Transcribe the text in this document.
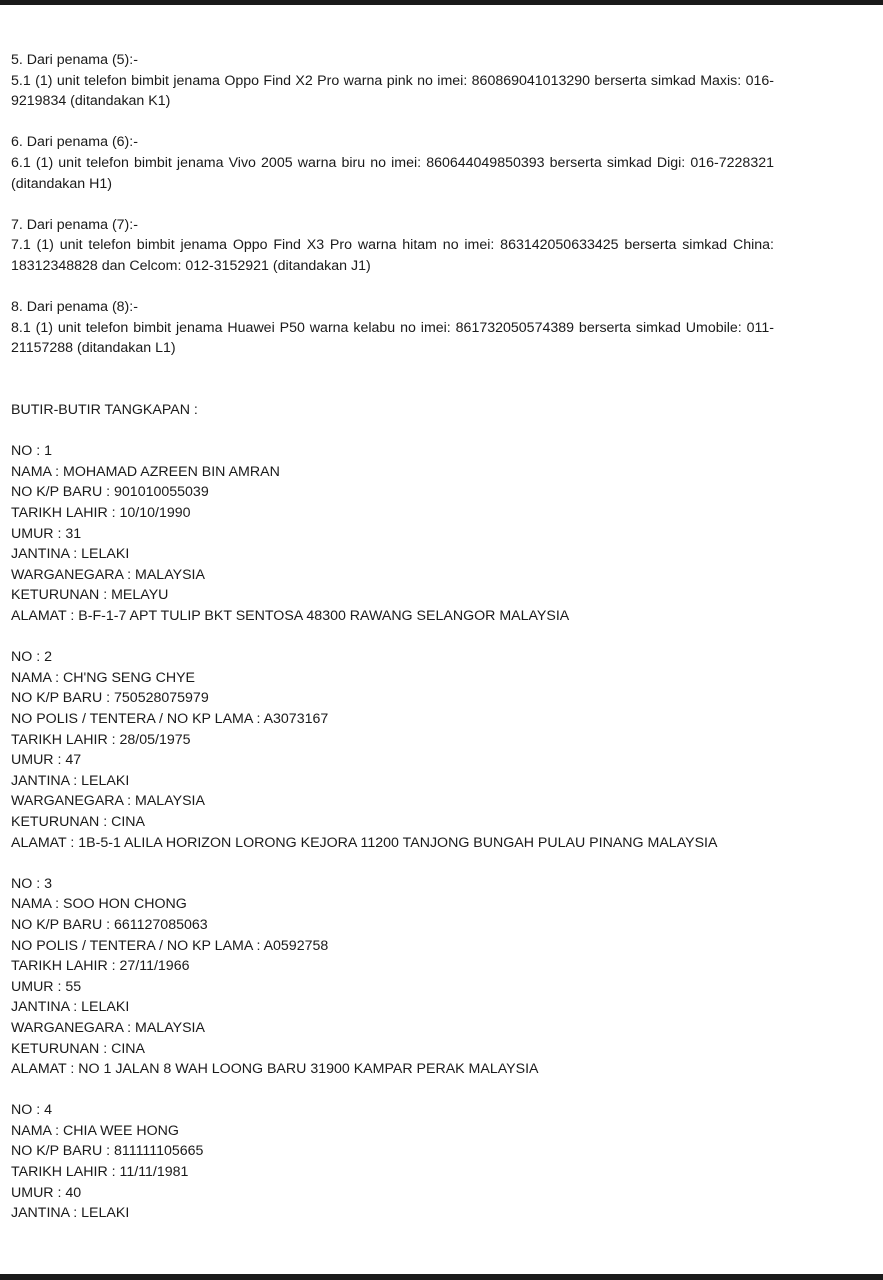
5. Dari penama (5):-
5.1 (1) unit telefon bimbit jenama Oppo Find X2 Pro warna pink no imei: 860869041013290 berserta simkad Maxis: 016-9219834 (ditandakan K1)
6. Dari penama (6):-
6.1 (1) unit telefon bimbit jenama Vivo 2005 warna biru no imei: 860644049850393 berserta simkad Digi: 016-7228321 (ditandakan H1)
7. Dari penama (7):-
7.1 (1) unit telefon bimbit jenama Oppo Find X3 Pro warna hitam no imei: 863142050633425 berserta simkad China: 18312348828 dan Celcom: 012-3152921 (ditandakan J1)
8. Dari penama (8):-
8.1 (1) unit telefon bimbit jenama Huawei P50 warna kelabu no imei: 861732050574389 berserta simkad Umobile: 011-21157288 (ditandakan L1)
BUTIR-BUTIR TANGKAPAN :
NO : 1
NAMA : MOHAMAD AZREEN BIN AMRAN
NO K/P BARU : 901010055039
TARIKH LAHIR : 10/10/1990
UMUR : 31
JANTINA : LELAKI
WARGANEGARA : MALAYSIA
KETURUNAN : MELAYU
ALAMAT : B-F-1-7 APT TULIP BKT SENTOSA 48300 RAWANG SELANGOR MALAYSIA
NO : 2
NAMA : CH'NG SENG CHYE
NO K/P BARU : 750528075979
NO POLIS / TENTERA / NO KP LAMA : A3073167
TARIKH LAHIR : 28/05/1975
UMUR : 47
JANTINA : LELAKI
WARGANEGARA : MALAYSIA
KETURUNAN : CINA
ALAMAT : 1B-5-1 ALILA HORIZON LORONG KEJORA 11200 TANJONG BUNGAH PULAU PINANG MALAYSIA
NO : 3
NAMA : SOO HON CHONG
NO K/P BARU : 661127085063
NO POLIS / TENTERA / NO KP LAMA : A0592758
TARIKH LAHIR : 27/11/1966
UMUR : 55
JANTINA : LELAKI
WARGANEGARA : MALAYSIA
KETURUNAN : CINA
ALAMAT : NO 1 JALAN 8 WAH LOONG BARU 31900 KAMPAR PERAK MALAYSIA
NO : 4
NAMA : CHIA WEE HONG
NO K/P BARU : 811111105665
TARIKH LAHIR : 11/11/1981
UMUR : 40
JANTINA : LELAKI
